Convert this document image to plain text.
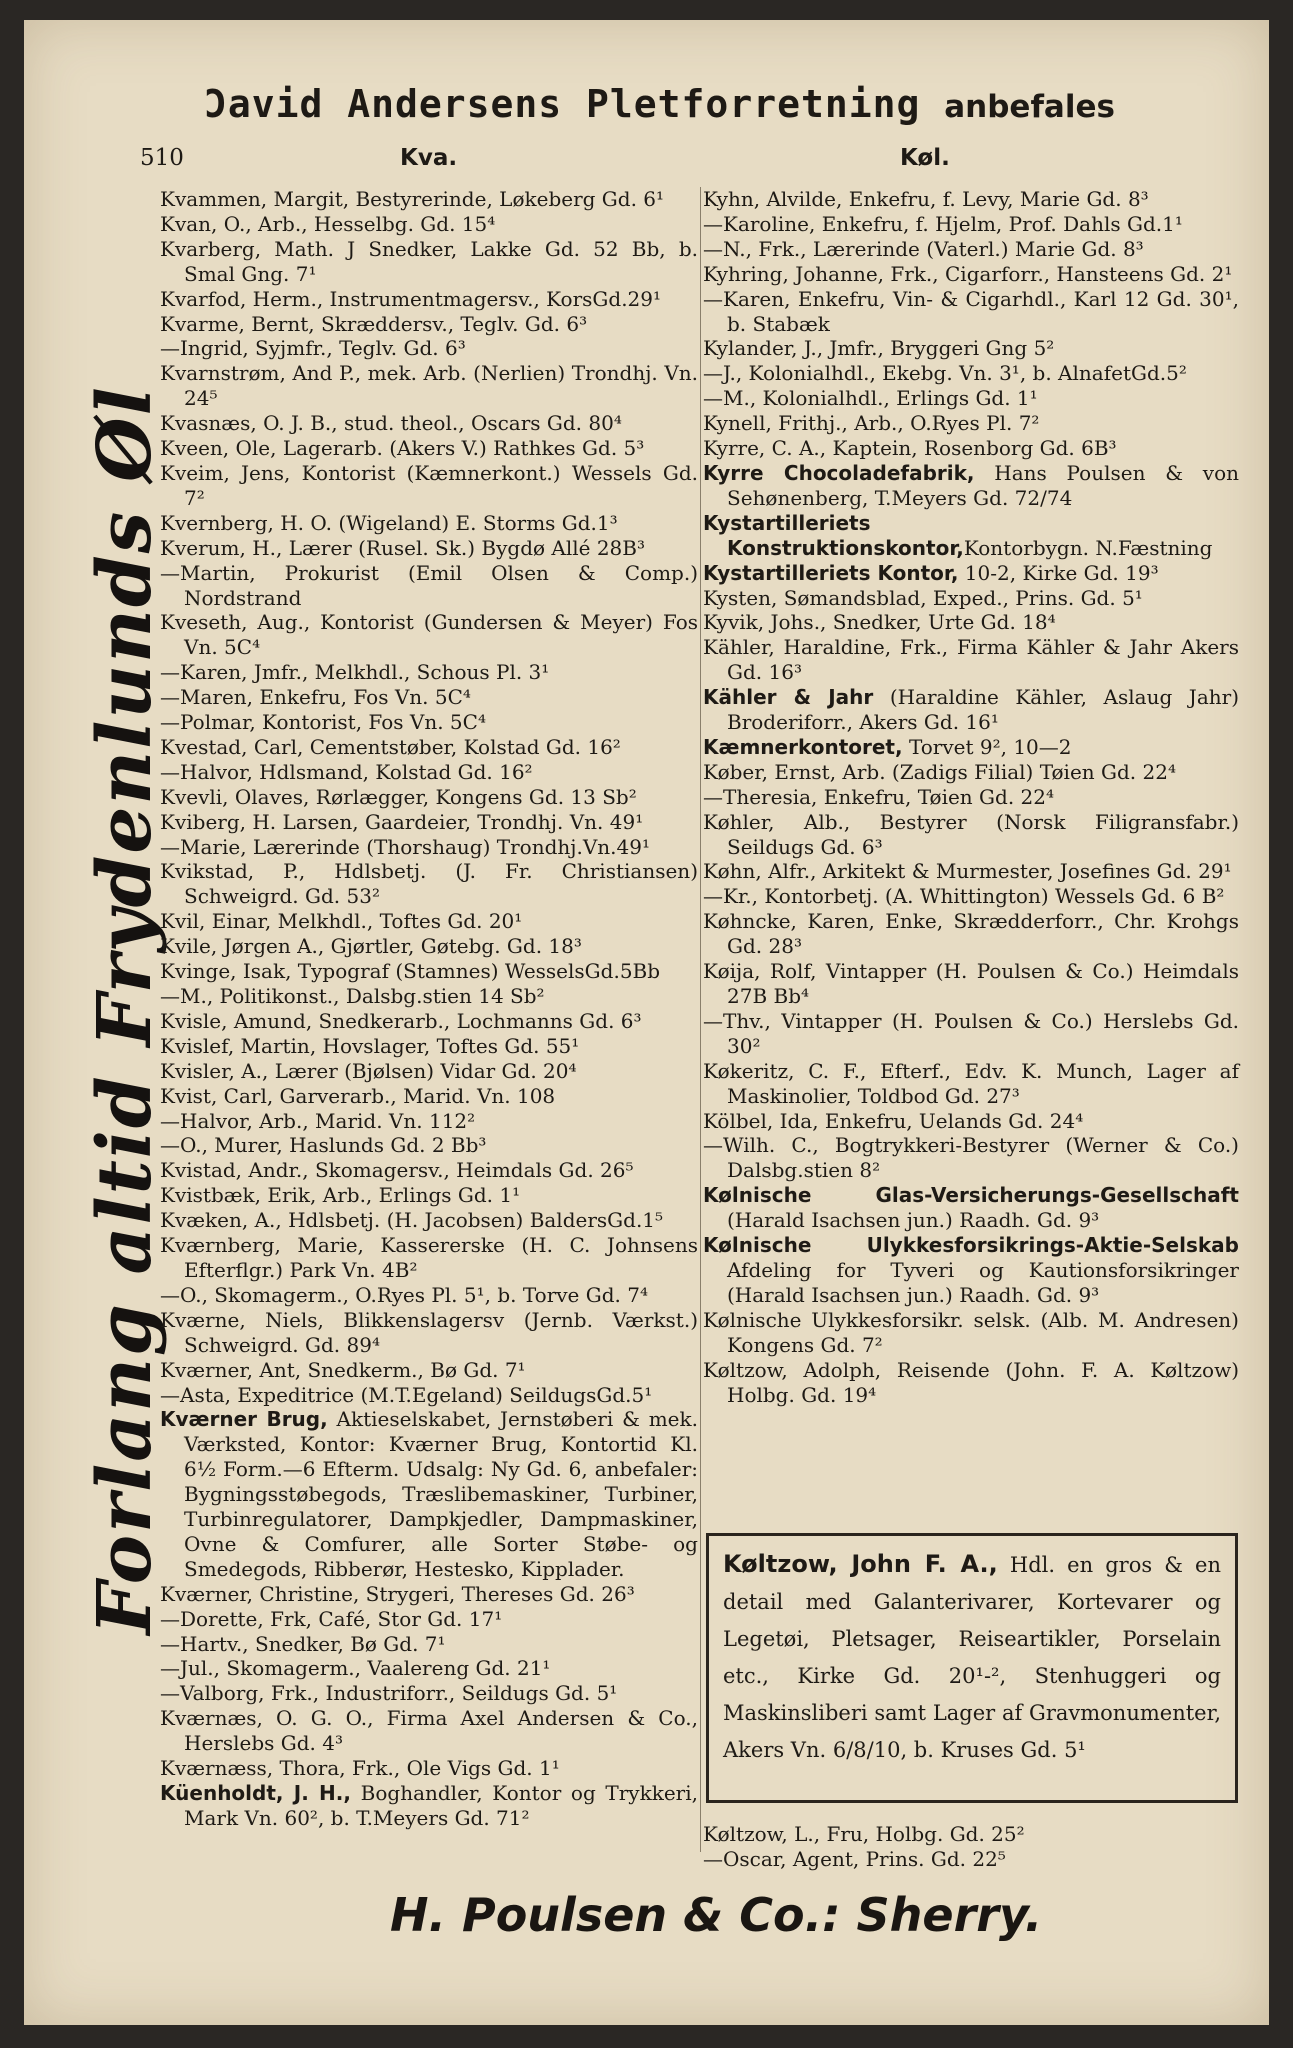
Ɔavid Andersens Pletforretning anbefales
510	Kva.	Køl.
Forlang altid Frydenlunds Øl
Kvammen, Margit, Bestyrerinde, Løkeberg Gd. 6¹
Kvan, O., Arb., Hesselbg. Gd. 15⁴
Kvarberg, Math. J Snedker, Lakke Gd. 52 Bb, b. Smal Gng. 7¹
Kvarfod, Herm., Instrumentmagersv., KorsGd.29¹
Kvarme, Bernt, Skræddersv., Teglv. Gd. 6³
—Ingrid, Syjmfr., Teglv. Gd. 6³
Kvarnstrøm, And P., mek. Arb. (Nerlien) Trondhj. Vn. 24⁵
Kvasnæs, O. J. B., stud. theol., Oscars Gd. 80⁴
Kveen, Ole, Lagerarb. (Akers V.) Rathkes Gd. 5³
Kveim, Jens, Kontorist (Kæmnerkont.) Wessels Gd. 7²
Kvernberg, H. O. (Wigeland) E. Storms Gd.1³
Kverum, H., Lærer (Rusel. Sk.) Bygdø Allé 28B³
—Martin, Prokurist (Emil Olsen & Comp.) Nordstrand
Kveseth, Aug., Kontorist (Gundersen & Meyer) Fos Vn. 5C⁴
—Karen, Jmfr., Melkhdl., Schous Pl. 3¹
—Maren, Enkefru, Fos Vn. 5C⁴
—Polmar, Kontorist, Fos Vn. 5C⁴
Kvestad, Carl, Cementstøber, Kolstad Gd. 16²
—Halvor, Hdlsmand, Kolstad Gd. 16²
Kvevli, Olaves, Rørlægger, Kongens Gd. 13 Sb²
Kviberg, H. Larsen, Gaardeier, Trondhj. Vn. 49¹
—Marie, Lærerinde (Thorshaug) Trondhj.Vn.49¹
Kvikstad, P., Hdlsbetj. (J. Fr. Christiansen) Schweigrd. Gd. 53²
Kvil, Einar, Melkhdl., Toftes Gd. 20¹
Kvile, Jørgen A., Gjørtler, Gøtebg. Gd. 18³
Kvinge, Isak, Typograf (Stamnes) WesselsGd.5Bb
—M., Politikonst., Dalsbg.stien 14 Sb²
Kvisle, Amund, Snedkerarb., Lochmanns Gd. 6³
Kvislef, Martin, Hovslager, Toftes Gd. 55¹
Kvisler, A., Lærer (Bjølsen) Vidar Gd. 20⁴
Kvist, Carl, Garverarb., Marid. Vn. 108
—Halvor, Arb., Marid. Vn. 112²
—O., Murer, Haslunds Gd. 2 Bb³
Kvistad, Andr., Skomagersv., Heimdals Gd. 26⁵
Kvistbæk, Erik, Arb., Erlings Gd. 1¹
Kvæken, A., Hdlsbetj. (H. Jacobsen) BaldersGd.1⁵
Kværnberg, Marie, Kassererske (H. C. Johnsens Efterflgr.) Park Vn. 4B²
—O., Skomagerm., O.Ryes Pl. 5¹, b. Torve Gd. 7⁴
Kværne, Niels, Blikkenslagersv (Jernb. Værkst.) Schweigrd. Gd. 89⁴
Kværner, Ant, Snedkerm., Bø Gd. 7¹
—Asta, Expeditrice (M.T.Egeland) SeildugsGd.5¹
Kværner Brug, Aktieselskabet, Jernstøberi & mek. Værksted, Kontor: Kværner Brug, Kontortid Kl. 6½ Form.—6 Efterm. Udsalg: Ny Gd. 6, anbefaler: Bygningsstøbegods, Træslibemaskiner, Turbiner, Turbinregulatorer, Dampkjedler, Dampmaskiner, Ovne & Comfurer, alle Sorter Støbe- og Smedegods, Ribberør, Hestesko, Kipplader.
Kværner, Christine, Strygeri, Thereses Gd. 26³
—Dorette, Frk, Café, Stor Gd. 17¹
—Hartv., Snedker, Bø Gd. 7¹
—Jul., Skomagerm., Vaalereng Gd. 21¹
—Valborg, Frk., Industriforr., Seildugs Gd. 5¹
Kværnæs, O. G. O., Firma Axel Andersen & Co., Herslebs Gd. 4³
Kværnæss, Thora, Frk., Ole Vigs Gd. 1¹
Küenholdt, J. H., Boghandler, Kontor og Trykkeri, Mark Vn. 60², b. T.Meyers Gd. 71²
Kyhn, Alvilde, Enkefru, f. Levy, Marie Gd. 8³
—Karoline, Enkefru, f. Hjelm, Prof. Dahls Gd.1¹
—N., Frk., Lærerinde (Vaterl.) Marie Gd. 8³
Kyhring, Johanne, Frk., Cigarforr., Hansteens Gd. 2¹
—Karen, Enkefru, Vin- & Cigarhdl., Karl 12 Gd. 30¹, b. Stabæk
Kylander, J., Jmfr., Bryggeri Gng 5²
—J., Kolonialhdl., Ekebg. Vn. 3¹, b. AlnafetGd.5²
—M., Kolonialhdl., Erlings Gd. 1¹
Kynell, Frithj., Arb., O.Ryes Pl. 7²
Kyrre, C. A., Kaptein, Rosenborg Gd. 6B³
Kyrre Chocoladefabrik, Hans Poulsen & von Sehønenberg, T.Meyers Gd. 72/74
Kystartilleriets Konstruktionskontor,Kontorbygn. N.Fæstning
Kystartilleriets Kontor, 10-2, Kirke Gd. 19³
Kysten, Sømandsblad, Exped., Prins. Gd. 5¹
Kyvik, Johs., Snedker, Urte Gd. 18⁴
Kähler, Haraldine, Frk., Firma Kähler & Jahr Akers Gd. 16³
Kähler & Jahr (Haraldine Kähler, Aslaug Jahr) Broderiforr., Akers Gd. 16¹
Kæmnerkontoret, Torvet 9², 10—2
Køber, Ernst, Arb. (Zadigs Filial) Tøien Gd. 22⁴
—Theresia, Enkefru, Tøien Gd. 22⁴
Køhler, Alb., Bestyrer (Norsk Filigransfabr.) Seildugs Gd. 6³
Køhn, Alfr., Arkitekt & Murmester, Josefines Gd. 29¹
—Kr., Kontorbetj. (A. Whittington) Wessels Gd. 6 B²
Køhncke, Karen, Enke, Skrædderforr., Chr. Krohgs Gd. 28³
Køija, Rolf, Vintapper (H. Poulsen & Co.) Heimdals 27B Bb⁴
—Thv., Vintapper (H. Poulsen & Co.) Herslebs Gd. 30²
Køkeritz, C. F., Efterf., Edv. K. Munch, Lager af Maskinolier, Toldbod Gd. 27³
Kölbel, Ida, Enkefru, Uelands Gd. 24⁴
—Wilh. C., Bogtrykkeri-Bestyrer (Werner & Co.) Dalsbg.stien 8²
Kølnische Glas-Versicherungs-Gesellschaft (Harald Isachsen jun.) Raadh. Gd. 9³
Kølnische Ulykkesforsikrings-Aktie-Selskab Afdeling for Tyveri og Kautionsforsikringer (Harald Isachsen jun.) Raadh. Gd. 9³
Kølnische Ulykkesforsikr. selsk. (Alb. M. Andresen) Kongens Gd. 7²
Køltzow, Adolph, Reisende (John. F. A. Køltzow) Holbg. Gd. 19⁴
Køltzow, John F. A., Hdl. en gros & en detail med Galanterivarer, Kortevarer og Legetøi, Pletsager, Reiseartikler, Porselain etc., Kirke Gd. 20¹-², Stenhuggeri og Maskinsliberi samt Lager af Gravmonumenter, Akers Vn. 6/8/10, b. Kruses Gd. 5¹
Køltzow, L., Fru, Holbg. Gd. 25²
—Oscar, Agent, Prins. Gd. 22⁵
H. Poulsen & Co.: Sherry.
